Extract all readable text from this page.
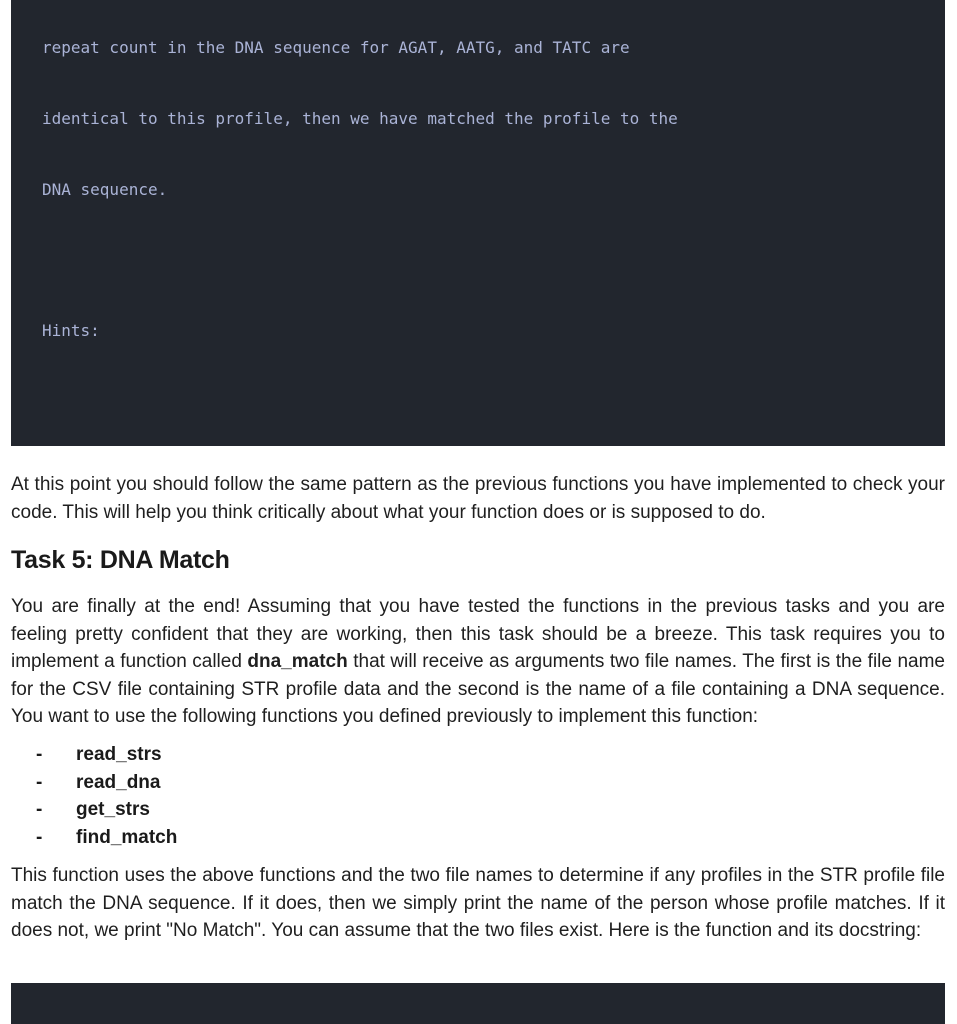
repeat count in the DNA sequence for AGAT, AATG, and TATC are

identical to this profile, then we have matched the profile to the

DNA sequence.

Hints:

At this point you should follow the same pattern as the previous functions you have implemented to check your code. This will help you think critically about what your function does or is supposed to do.

Task 5: DNA Match

You are finally at the end! Assuming that you have tested the functions in the previous tasks and you are feeling pretty confident that they are working, then this task should be a breeze. This task requires you to implement a function called dna_match that will receive as arguments two file names. The first is the file name for the CSV file containing STR profile data and the second is the name of a file containing a DNA sequence. You want to use the following functions you defined previously to implement this function:

-	read_strs
-	read_dna
-	get_strs
-	find_match

This function uses the above functions and the two file names to determine if any profiles in the STR profile file match the DNA sequence. If it does, then we simply print the name of the person whose profile matches. If it does not, we print "No Match". You can assume that the two files exist. Here is the function and its docstring:
